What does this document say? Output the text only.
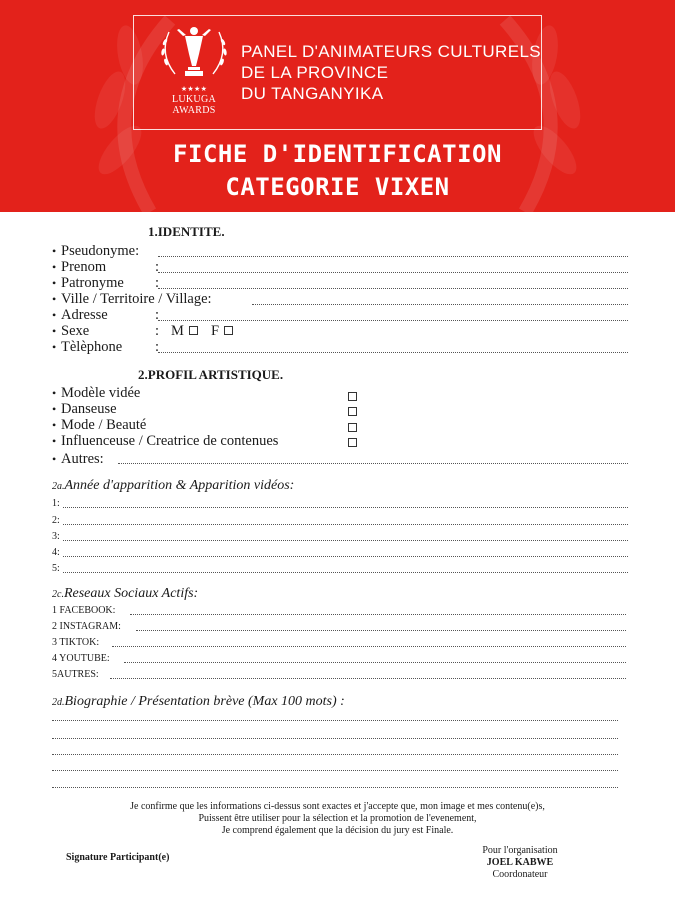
★★★★
LUKUGA
AWARDS
PANEL D'ANIMATEURS CULTURELS
DE LA PROVINCE
DU TANGANYIKA
FICHE D'IDENTIFICATION
CATEGORIE VIXEN
1.IDENTITE.
• Pseudonyme:
• Prenom	:
• Patronyme	:
• Ville / Territoire / Village:
• Adresse	:
• Sexe	: M F
• Tèlèphone	:
2.PROFIL ARTISTIQUE.
• Modèle vidée
• Danseuse
• Mode / Beauté
• Influenceuse / Creatrice de contenues
• Autres:
2a.Année d'apparition & Apparition vidéos:
1:
2:
3:
4:
5:
2c.Reseaux Sociaux Actifs:
1 FACEBOOK:
2 INSTAGRAM:
3 TIKTOK:
4 YOUTUBE:
5AUTRES:
2d.Biographie / Présentation brève (Max 100 mots) :
Je confirme que les informations ci-dessus sont exactes et j'accepte que, mon image et mes contenu(e)s,
Puissent être utiliser pour la sélection et la promotion de l'evenement,
Je comprend également que la décision du jury est Finale.
Signature Participant(e)
Pour l'organisation
JOEL KABWE
Coordonateur
